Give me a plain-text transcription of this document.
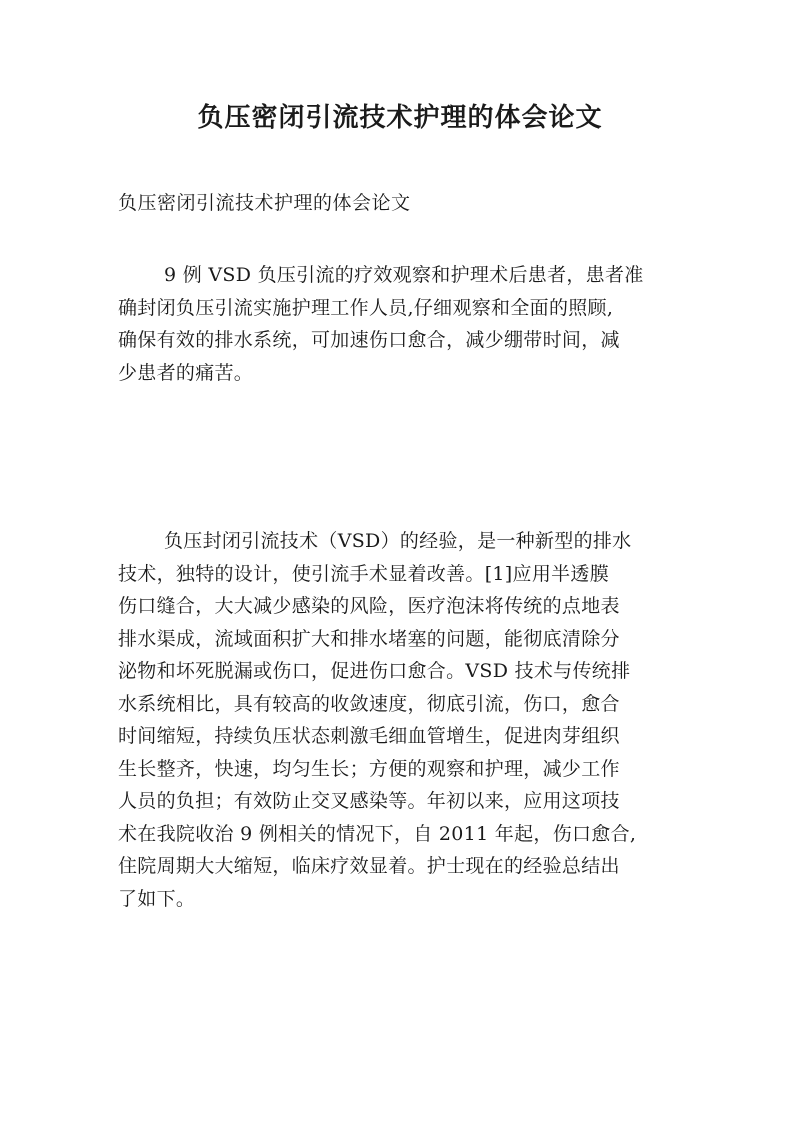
负压密闭引流技术护理的体会论文

负压密闭引流技术护理的体会论文

9 例 VSD 负压引流的疗效观察和护理术后患者，患者准
确封闭负压引流实施护理工作人员,仔细观察和全面的照顾,
确保有效的排水系统，可加速伤口愈合，减少绷带时间，减
少患者的痛苦。
负压封闭引流技术（VSD）的经验，是一种新型的排水
技术，独特的设计，使引流手术显着改善。[1]应用半透膜
伤口缝合，大大减少感染的风险，医疗泡沫将传统的点地表
排水渠成，流域面积扩大和排水堵塞的问题，能彻底清除分
泌物和坏死脱漏或伤口，促进伤口愈合。VSD 技术与传统排
水系统相比，具有较高的收敛速度，彻底引流，伤口，愈合
时间缩短，持续负压状态刺激毛细血管增生，促进肉芽组织
生长整齐，快速，均匀生长；方便的观察和护理，减少工作
人员的负担；有效防止交叉感染等。年初以来，应用这项技
术在我院收治 9 例相关的情况下，自 2011 年起，伤口愈合,
住院周期大大缩短，临床疗效显着。护士现在的经验总结出
了如下。
